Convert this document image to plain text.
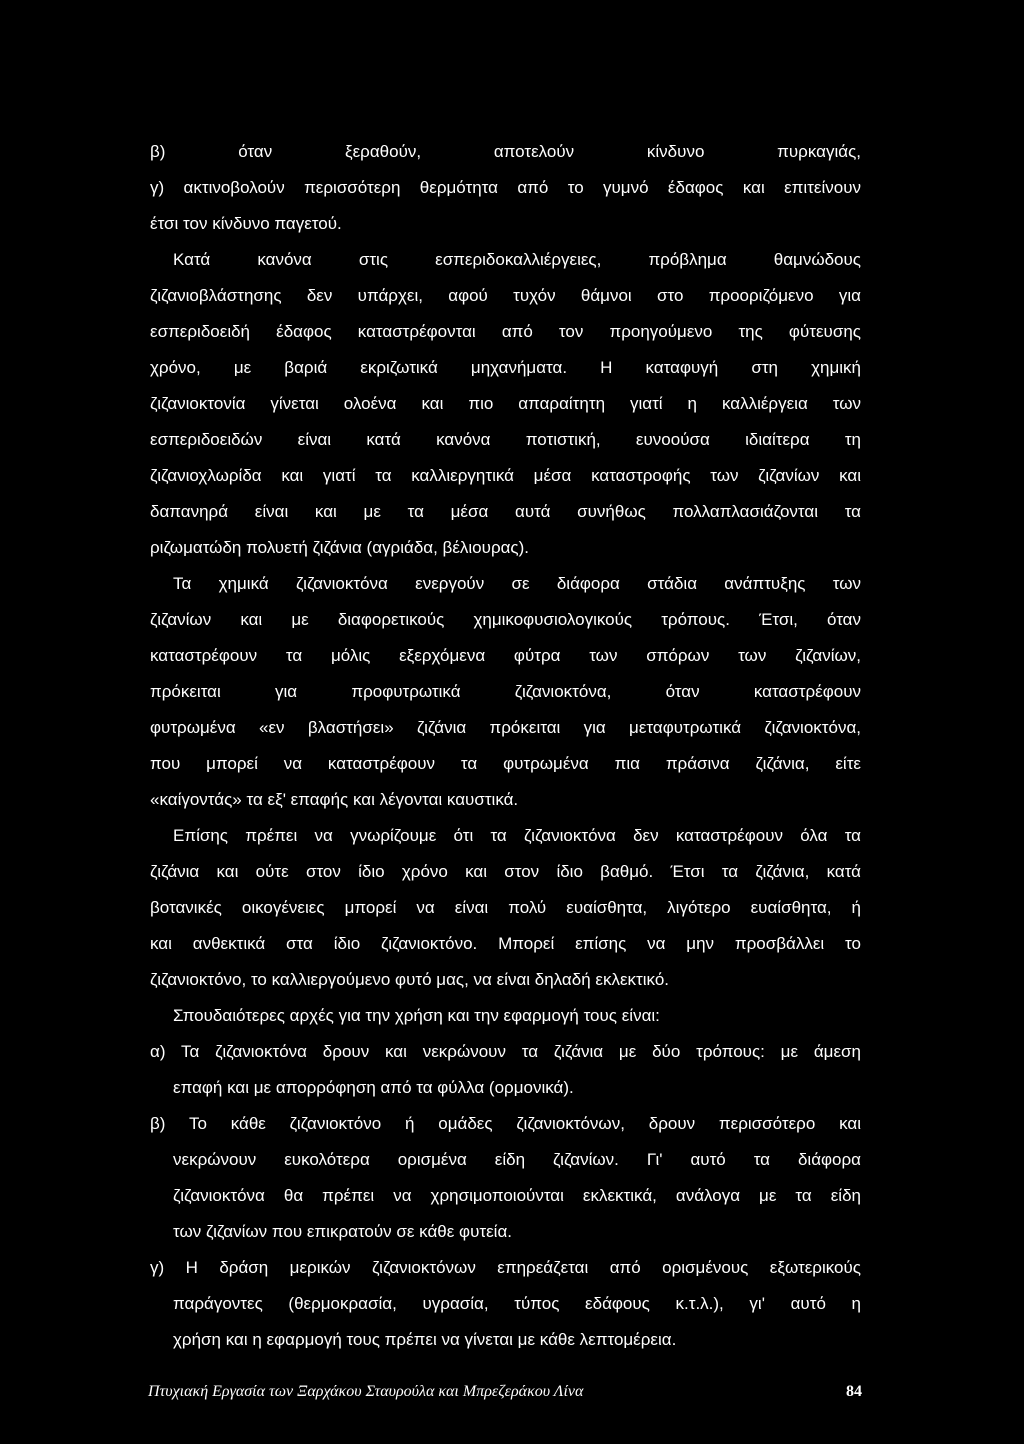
β) όταν ξεραθούν, αποτελούν κίνδυνο πυρκαγιάς,
γ) ακτινοβολούν περισσότερη θερμότητα από το γυμνό έδαφος και επιτείνουν
έτσι τον κίνδυνο παγετού.
Κατά κανόνα στις εσπεριδοκαλλιέργειες, πρόβλημα θαμνώδους
ζιζανιοβλάστησης δεν υπάρχει, αφού τυχόν θάμνοι στο προοριζόμενο για
εσπεριδοειδή έδαφος καταστρέφονται από τον προηγούμενο της φύτευσης
χρόνο, με βαριά εκριζωτικά μηχανήματα. Η καταφυγή στη χημική
ζιζανιοκτονία γίνεται ολοένα και πιο απαραίτητη γιατί η καλλιέργεια των
εσπεριδοειδών είναι κατά κανόνα ποτιστική, ευνοούσα ιδιαίτερα τη
ζιζανιοχλωρίδα και γιατί τα καλλιεργητικά μέσα καταστροφής των ζιζανίων και
δαπανηρά είναι και με τα μέσα αυτά συνήθως πολλαπλασιάζονται τα
ριζωματώδη πολυετή ζιζάνια (αγριάδα, βέλιουρας).
Τα χημικά ζιζανιοκτόνα ενεργούν σε διάφορα στάδια ανάπτυξης των
ζιζανίων και με διαφορετικούς χημικοφυσιολογικούς τρόπους. Έτσι, όταν
καταστρέφουν τα μόλις εξερχόμενα φύτρα των σπόρων των ζιζανίων,
πρόκειται για προφυτρωτικά ζιζανιοκτόνα, όταν καταστρέφουν
φυτρωμένα «εν βλαστήσει» ζιζάνια πρόκειται για μεταφυτρωτικά ζιζανιοκτόνα,
που μπορεί να καταστρέφουν τα φυτρωμένα πια πράσινα ζιζάνια, είτε
«καίγοντάς» τα εξ' επαφής και λέγονται καυστικά.
Επίσης πρέπει να γνωρίζουμε ότι τα ζιζανιοκτόνα δεν καταστρέφουν όλα τα
ζιζάνια και ούτε στον ίδιο χρόνο και στον ίδιο βαθμό. Έτσι τα ζιζάνια, κατά
βοτανικές οικογένειες μπορεί να είναι πολύ ευαίσθητα, λιγότερο ευαίσθητα, ή
και ανθεκτικά στα ίδιο ζιζανιοκτόνο. Μπορεί επίσης να μην προσβάλλει το
ζιζανιοκτόνο, το καλλιεργούμενο φυτό μας, να είναι δηλαδή εκλεκτικό.
Σπουδαιότερες αρχές για την χρήση και την εφαρμογή τους είναι:
α) Τα ζιζανιοκτόνα δρουν και νεκρώνουν τα ζιζάνια με δύο τρόπους: με άμεση
επαφή και με απορρόφηση από τα φύλλα (ορμονικά).
β) Το κάθε ζιζανιοκτόνο ή ομάδες ζιζανιοκτόνων, δρουν περισσότερο και
νεκρώνουν ευκολότερα ορισμένα είδη ζιζανίων. Γι' αυτό τα διάφορα
ζιζανιοκτόνα θα πρέπει να χρησιμοποιούνται εκλεκτικά, ανάλογα με τα είδη
των ζιζανίων που επικρατούν σε κάθε φυτεία.
γ) Η δράση μερικών ζιζανιοκτόνων επηρεάζεται από ορισμένους εξωτερικούς
παράγοντες (θερμοκρασία, υγρασία, τύπος εδάφους κ.τ.λ.), γι' αυτό η
χρήση και η εφαρμογή τους πρέπει να γίνεται με κάθε λεπτομέρεια.
Πτυχιακή Εργασία των Ξαρχάκου Σταυρούλα και Μπρεζεράκου Λίνα	84
